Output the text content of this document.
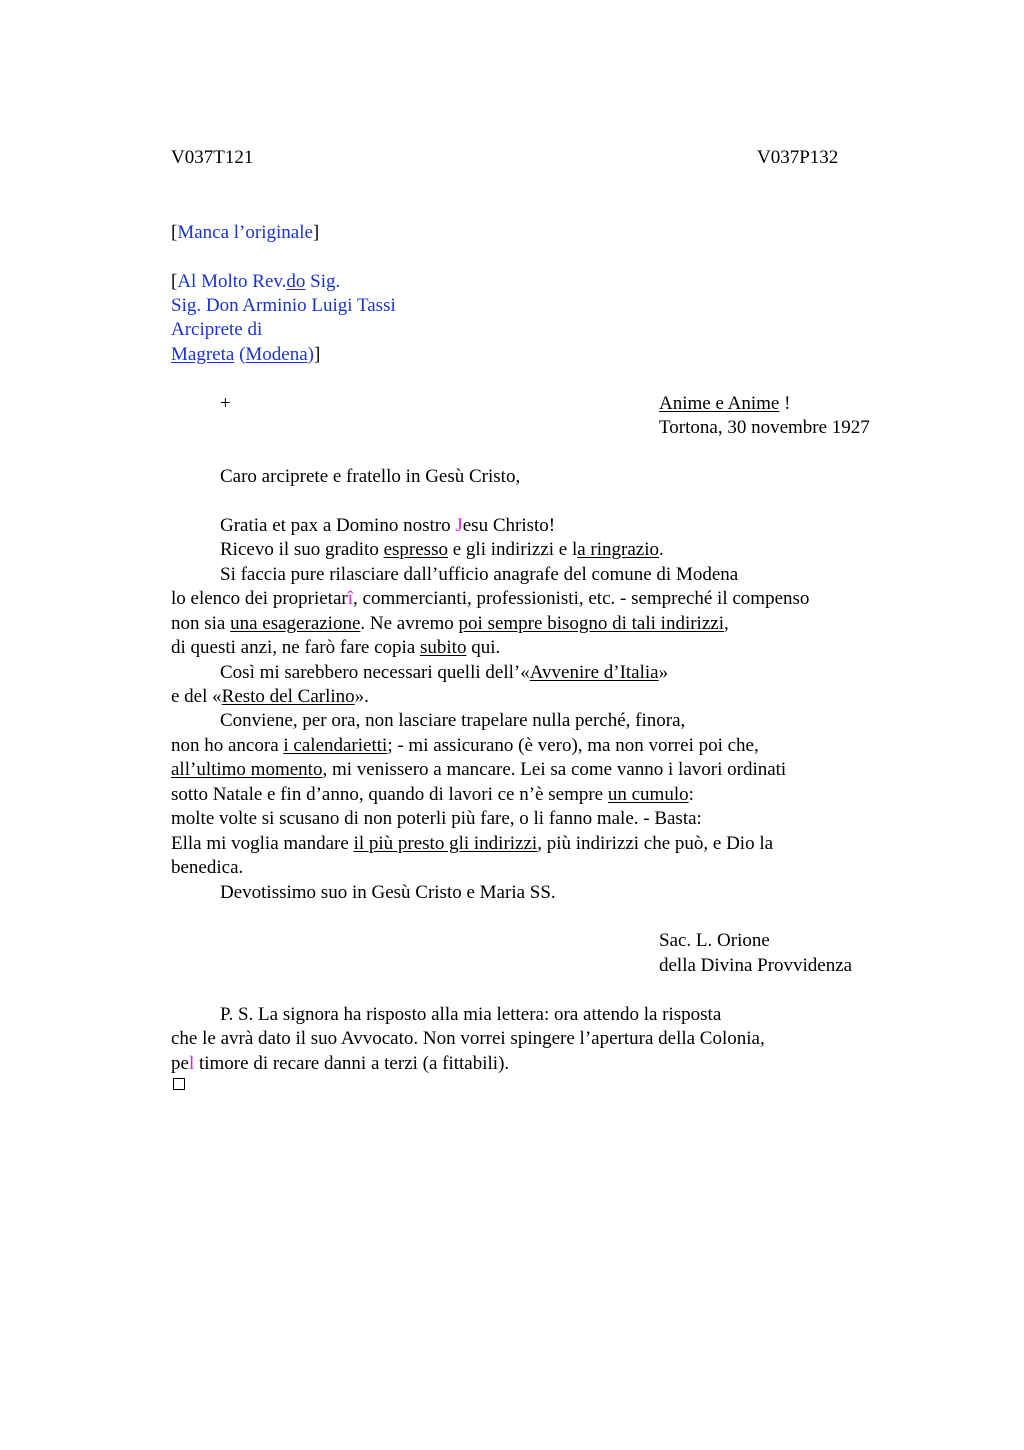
V037T121	V037P132
[Manca l’originale]
[Al Molto Rev.do Sig.
Sig. Don Arminio Luigi Tassi
Arciprete di
Magreta (Modena)]
+	Anime e Anime !
Tortona, 30 novembre 1927
Caro arciprete e fratello in Gesù Cristo,
Gratia et pax a Domino nostro Jesu Christo!
Ricevo il suo gradito espresso e gli indirizzi e la ringrazio.
Si faccia pure rilasciare dall’ufficio anagrafe del comune di Modena
lo elenco dei proprietarî, commercianti, professionisti, etc. - sempreché il compenso
non sia una esagerazione. Ne avremo poi sempre bisogno di tali indirizzi,
di questi anzi, ne farò fare copia subito qui.
Così mi sarebbero necessari quelli dell’«Avvenire d’Italia»
e del «Resto del Carlino».
Conviene, per ora, non lasciare trapelare nulla perché, finora,
non ho ancora i calendarietti; - mi assicurano (è vero), ma non vorrei poi che,
all’ultimo momento, mi venissero a mancare. Lei sa come vanno i lavori ordinati
sotto Natale e fin d’anno, quando di lavori ce n’è sempre un cumulo:
molte volte si scusano di non poterli più fare, o li fanno male. - Basta:
Ella mi voglia mandare il più presto gli indirizzi, più indirizzi che può, e Dio la
benedica.
Devotissimo suo in Gesù Cristo e Maria SS.
Sac. L. Orione
della Divina Provvidenza
P. S. La signora ha risposto alla mia lettera: ora attendo la risposta
che le avrà dato il suo Avvocato. Non vorrei spingere l’apertura della Colonia,
pel timore di recare danni a terzi (a fittabili).
